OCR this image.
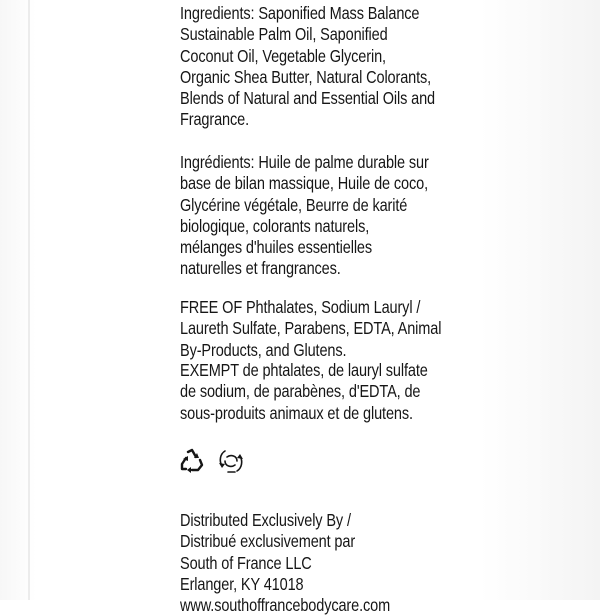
Ingredients: Saponified Mass Balance

Sustainable Palm Oil, Saponified

Coconut Oil, Vegetable Glycerin,

Organic Shea Butter, Natural Colorants,

Blends of Natural and Essential Oils and

Fragrance.

Ingrédients: Huile de palme durable sur

base de bilan massique, Huile de coco,

Glycérine végétale, Beurre de karité

biologique, colorants naturels,

mélanges d'huiles essentielles

naturelles et frangrances.

FREE OF Phthalates, Sodium Lauryl /

Laureth Sulfate, Parabens, EDTA, Animal

By-Products, and Glutens.

EXEMPT de phtalates, de lauryl sulfate

de sodium, de parabènes, d'EDTA, de

sous-produits animaux et de glutens.

Distributed Exclusively By /

Distribué exclusivement par

South of France LLC

Erlanger, KY 41018

www.southoffrancebodycare.com
